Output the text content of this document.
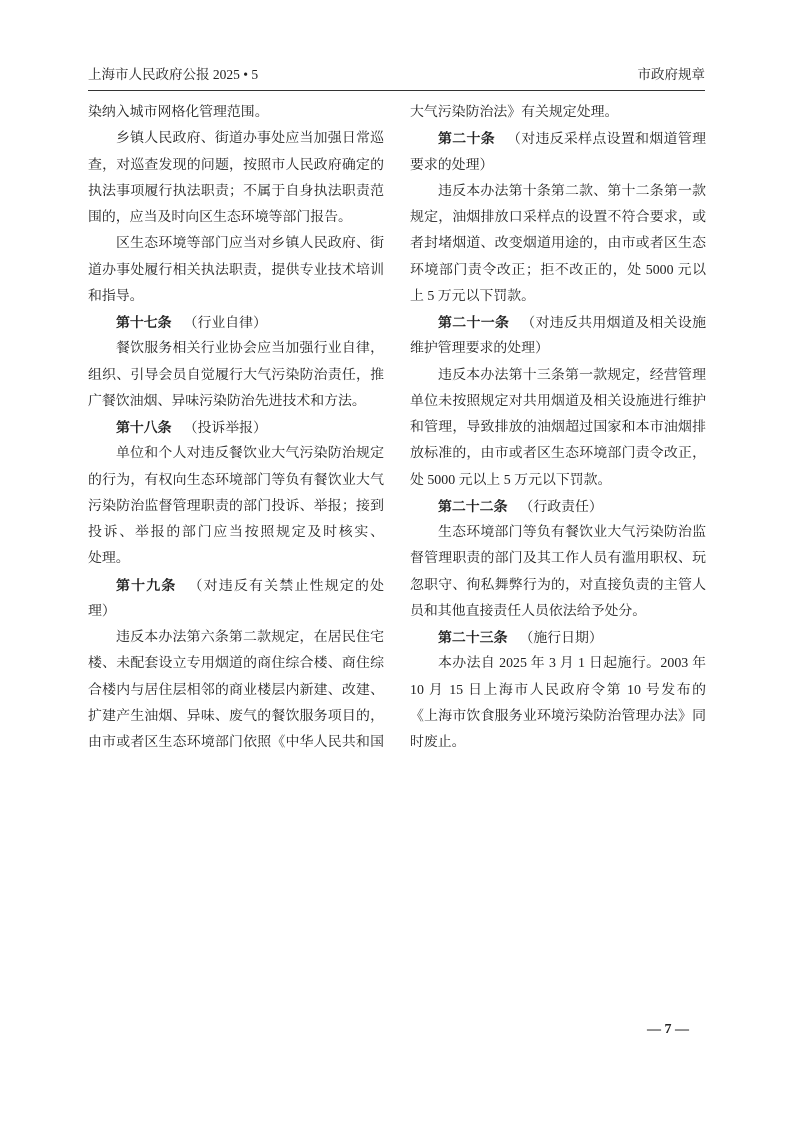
上海市人民政府公报 2025 • 5	市政府规章
染纳入城市网格化管理范围。
乡镇人民政府、街道办事处应当加强日常巡
查，对巡查发现的问题，按照市人民政府确定的
执法事项履行执法职责；不属于自身执法职责范
围的，应当及时向区生态环境等部门报告。
区生态环境等部门应当对乡镇人民政府、街
道办事处履行相关执法职责，提供专业技术培训
和指导。
第十七条 （行业自律）
餐饮服务相关行业协会应当加强行业自律，
组织、引导会员自觉履行大气污染防治责任，推
广餐饮油烟、异味污染防治先进技术和方法。
第十八条 （投诉举报）
单位和个人对违反餐饮业大气污染防治规定
的行为，有权向生态环境部门等负有餐饮业大气
污染防治监督管理职责的部门投诉、举报；接到
投诉、举报的部门应当按照规定及时核实、
处理。
第十九条 （对违反有关禁止性规定的处
理）
违反本办法第六条第二款规定，在居民住宅
楼、未配套设立专用烟道的商住综合楼、商住综
合楼内与居住层相邻的商业楼层内新建、改建、
扩建产生油烟、异味、废气的餐饮服务项目的，
由市或者区生态环境部门依照《中华人民共和国
大气污染防治法》有关规定处理。
第二十条 （对违反采样点设置和烟道管理
要求的处理）
违反本办法第十条第二款、第十二条第一款
规定，油烟排放口采样点的设置不符合要求，或
者封堵烟道、改变烟道用途的，由市或者区生态
环境部门责令改正；拒不改正的，处 5000 元以
上 5 万元以下罚款。
第二十一条 （对违反共用烟道及相关设施
维护管理要求的处理）
违反本办法第十三条第一款规定，经营管理
单位未按照规定对共用烟道及相关设施进行维护
和管理，导致排放的油烟超过国家和本市油烟排
放标准的，由市或者区生态环境部门责令改正，
处 5000 元以上 5 万元以下罚款。
第二十二条 （行政责任）
生态环境部门等负有餐饮业大气污染防治监
督管理职责的部门及其工作人员有滥用职权、玩
忽职守、徇私舞弊行为的，对直接负责的主管人
员和其他直接责任人员依法给予处分。
第二十三条 （施行日期）
本办法自 2025 年 3 月 1 日起施行。2003 年
10 月 15 日上海市人民政府令第 10 号发布的
《上海市饮食服务业环境污染防治管理办法》同
时废止。
— 7 —
